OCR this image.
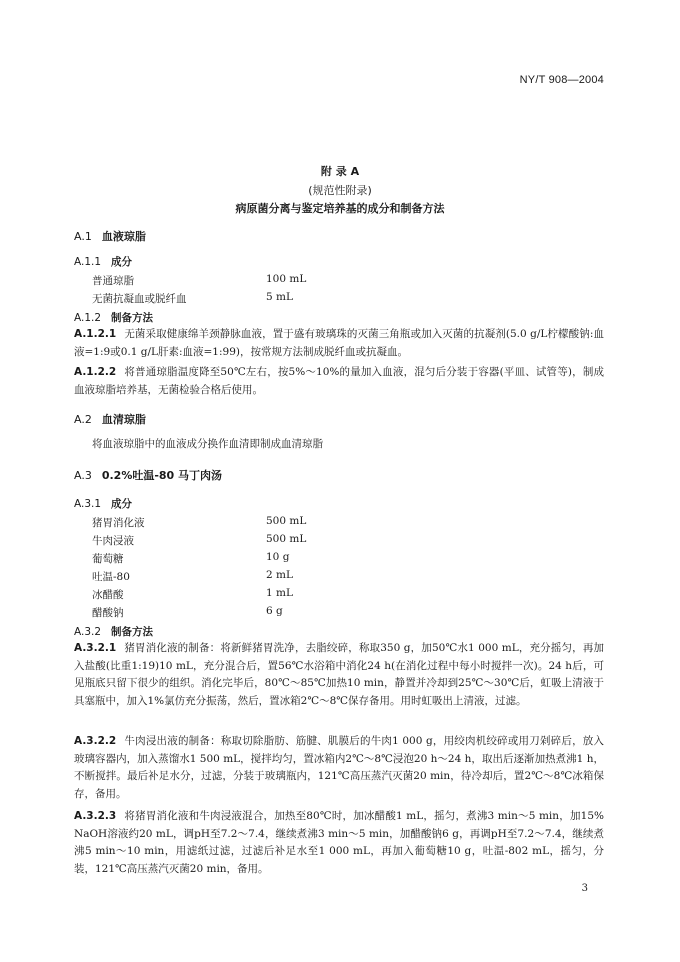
NY/T 908—2004
附 录 A
(规范性附录)
病原菌分离与鉴定培养基的成分和制备方法
A.1 血液琼脂
A.1.1 成分
普通琼脂	100 mL
无菌抗凝血或脱纤血	5 mL
A.1.2 制备方法
A.1.2.1 无菌采取健康绵羊颈静脉血液，置于盛有玻璃珠的灭菌三角瓶或加入灭菌的抗凝剂(5.0 g/L柠檬酸钠:血液=1:9或0.1 g/L肝素:血液=1:99)，按常规方法制成脱纤血或抗凝血。
A.1.2.2 将普通琼脂温度降至50℃左右，按5%～10%的量加入血液，混匀后分装于容器(平皿、试管等)，制成血液琼脂培养基，无菌检验合格后使用。
A.2 血清琼脂
将血液琼脂中的血液成分换作血清即制成血清琼脂
A.3 0.2%吐温-80 马丁肉汤
A.3.1 成分
猪胃消化液	500 mL
牛肉浸液	500 mL
葡萄糖	10 g
吐温-80	2 mL
冰醋酸	1 mL
醋酸钠	6 g
A.3.2 制备方法
A.3.2.1 猪胃消化液的制备：将新鲜猪胃洗净，去脂绞碎，称取350 g，加50℃水1 000 mL，充分摇匀，再加入盐酸(比重1:19)10 mL，充分混合后，置56℃水浴箱中消化24 h(在消化过程中每小时搅拌一次)。24 h后，可见瓶底只留下很少的组织。消化完毕后，80℃～85℃加热10 min，静置并冷却到25℃～30℃后，虹吸上清液于具塞瓶中，加入1%氯仿充分振荡，然后，置冰箱2℃～8℃保存备用。用时虹吸出上清液，过滤。
A.3.2.2 牛肉浸出液的制备：称取切除脂肪、筋腱、肌膜后的牛肉1 000 g，用绞肉机绞碎或用刀剁碎后，放入玻璃容器内，加入蒸馏水1 500 mL，搅拌均匀，置冰箱内2℃～8℃浸泡20 h～24 h，取出后逐渐加热煮沸1 h，不断搅拌。最后补足水分，过滤，分装于玻璃瓶内，121℃高压蒸汽灭菌20 min，待冷却后，置2℃～8℃冰箱保存，备用。
A.3.2.3 将猪胃消化液和牛肉浸液混合，加热至80℃时，加冰醋酸1 mL，摇匀，煮沸3 min～5 min，加15% NaOH溶液约20 mL，调pH至7.2～7.4，继续煮沸3 min～5 min，加醋酸钠6 g，再调pH至7.2～7.4，继续煮沸5 min～10 min，用滤纸过滤，过滤后补足水至1 000 mL，再加入葡萄糖10 g，吐温-802 mL，摇匀，分装，121℃高压蒸汽灭菌20 min，备用。
3
